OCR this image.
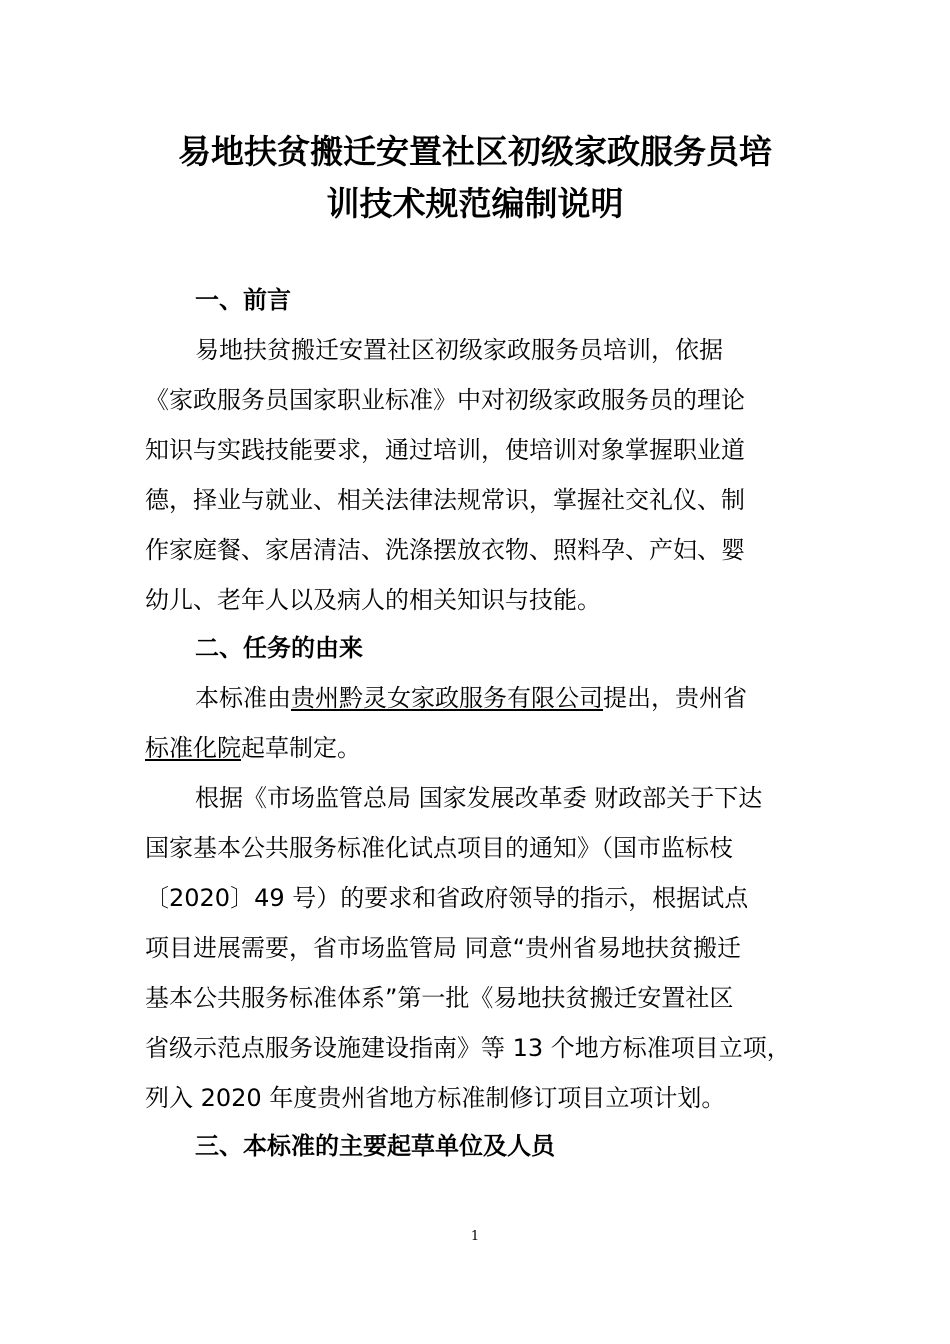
易地扶贫搬迁安置社区初级家政服务员培
训技术规范编制说明
一、前言

易地扶贫搬迁安置社区初级家政服务员培训，依据

《家政服务员国家职业标准》中对初级家政服务员的理论

知识与实践技能要求，通过培训，使培训对象掌握职业道

德，择业与就业、相关法律法规常识，掌握社交礼仪、制

作家庭餐、家居清洁、洗涤摆放衣物、照料孕、产妇、婴

幼儿、老年人以及病人的相关知识与技能。

二、任务的由来

本标准由贵州黔灵女家政服务有限公司提出，贵州省

标准化院起草制定。

根据《市场监管总局 国家发展改革委 财政部关于下达

国家基本公共服务标准化试点项目的通知》（国市监标枝

〔2020〕49 号）的要求和省政府领导的指示，根据试点

项目进展需要，省市场监管局 同意“贵州省易地扶贫搬迁

基本公共服务标准体系”第一批《易地扶贫搬迁安置社区

省级示范点服务设施建设指南》等 13 个地方标准项目立项，

列入 2020 年度贵州省地方标准制修订项目立项计划。

三、本标准的主要起草单位及人员
1
